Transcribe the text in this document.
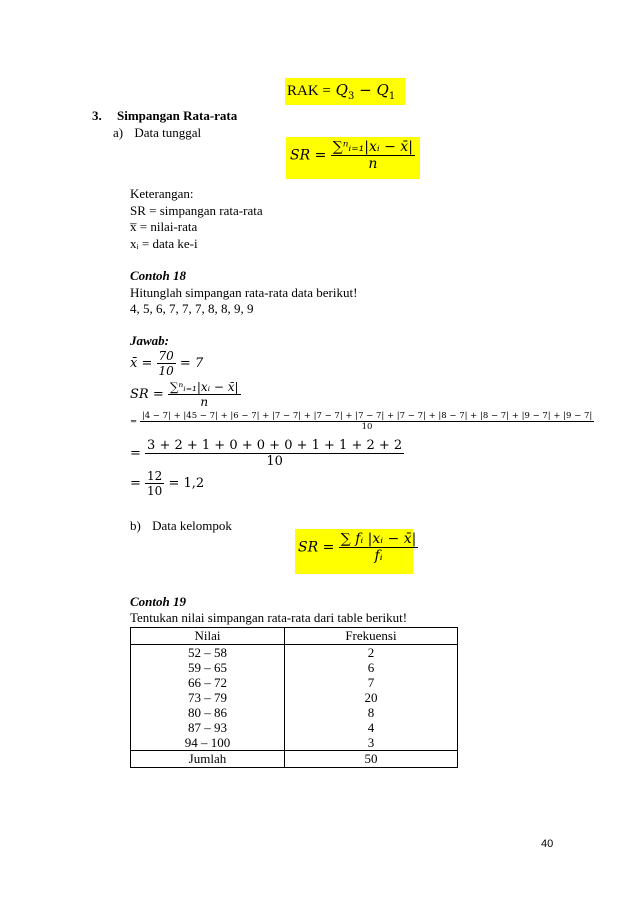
RAK = $Q_3 - Q_1$
3. Simpangan Rata-rata
a) Data tunggal
SR = $\frac{\text{∑ⁿᵢ₌₁|xᵢ − x̄|}}{n}$
Keterangan:
SR = simpangan rata-rata
x̅ = nilai-rata
xᵢ = data ke-i
Contoh 18
Hitunglah simpangan rata-rata data berikut!
4, 5, 6, 7, 7, 7, 8, 8, 9, 9
Jawab:
x̄ = $\frac{70}{10} = 7$
SR = $\frac{\text{∑ⁿᵢ₌₁|xᵢ − x̄|}}{n}$
=
|4 − 7| + |45 − 7| + |6 − 7| + |7 − 7| + |7 − 7| + |7 − 7| + |7 − 7| + |8 − 7| + |8 − 7| + |9 − 7| + |9 − 7|
10
= $\frac{3 + 2 + 1 + 0 + 0 + 0 + 1 + 1 + 2 + 2}{10}$
= $\frac{12}{10} = 1,2$
b) Data kelompok
SR = $\frac{\text{∑ fᵢ |xᵢ − x̄|}}{\text{fᵢ}}$
Contoh 19
Tentukan nilai simpangan rata-rata dari table berikut!
Nilai	Frekuensi
52 – 58	2
59 – 65	6
66 – 72	7
73 – 79	20
80 – 86	8
87 – 93	4
94 – 100	3
Jumlah	50
40
